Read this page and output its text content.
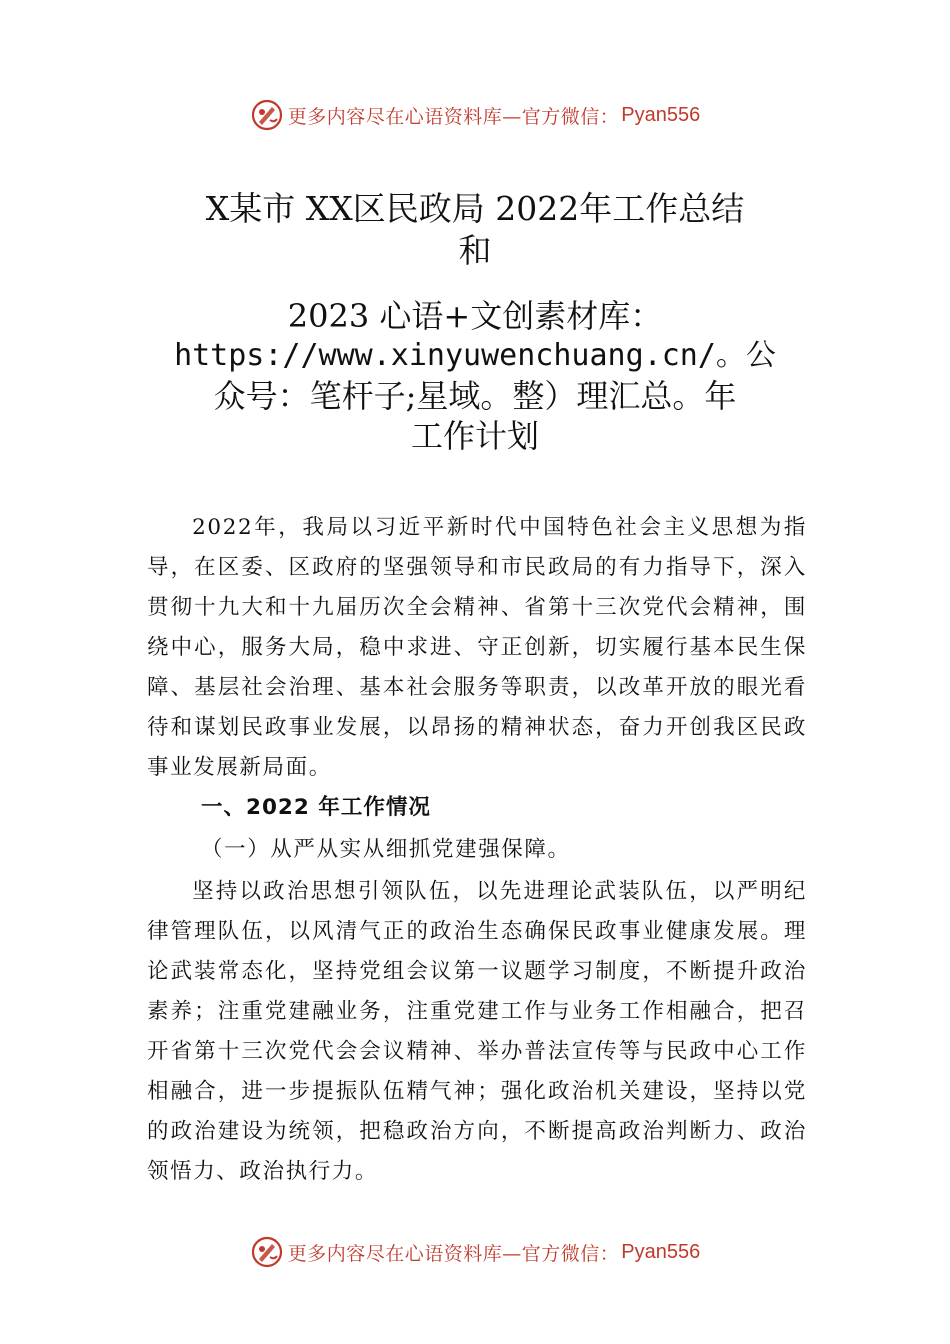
更多内容尽在心语资料库—官方微信： Pyan556
X某市 XX区民政局 2022年工作总结
和
2023 心语+文创素材库：
https://www.xinyuwenchuang.cn/。公
众号：笔杆子;星域。整）理汇总。年
工作计划

2022年，我局以习近平新时代中国特色社会主义思想为指导，在区委、区政府的坚强领导和市民政局的有力指导下，深入贯彻十九大和十九届历次全会精神、省第十三次党代会精神，围绕中心，服务大局，稳中求进、守正创新，切实履行基本民生保障、基层社会治理、基本社会服务等职责，以改革开放的眼光看待和谋划民政事业发展，以昂扬的精神状态，奋力开创我区民政事业发展新局面。

一、2022 年工作情况
（一）从严从实从细抓党建强保障。

坚持以政治思想引领队伍，以先进理论武装队伍，以严明纪律管理队伍，以风清气正的政治生态确保民政事业健康发展。理论武装常态化，坚持党组会议第一议题学习制度，不断提升政治素养；注重党建融业务，注重党建工作与业务工作相融合，把召开省第十三次党代会会议精神、举办普法宣传等与民政中心工作相融合，进一步提振队伍精气神；强化政治机关建设，坚持以党的政治建设为统领，把稳政治方向，不断提高政治判断力、政治领悟力、政治执行力。

更多内容尽在心语资料库—官方微信： Pyan556
